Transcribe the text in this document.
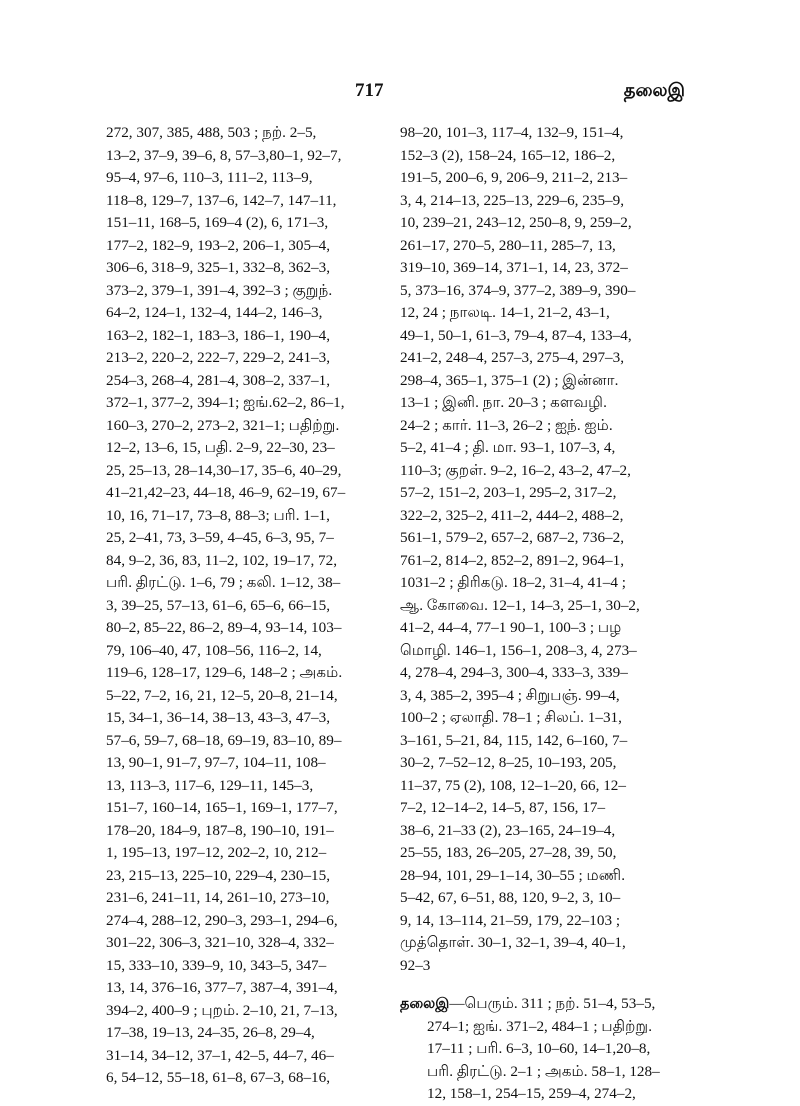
717	தலைஇ
272, 307, 385, 488, 503 ; நற். 2–5,
13–2, 37–9, 39–6, 8, 57–3,80–1, 92–7,
95–4, 97–6, 110–3, 111–2, 113–9,
118–8, 129–7, 137–6, 142–7, 147–11,
151–11, 168–5, 169–4 (2), 6, 171–3,
177–2, 182–9, 193–2, 206–1, 305–4,
306–6, 318–9, 325–1, 332–8, 362–3,
373–2, 379–1, 391–4, 392–3 ; குறுந்.
64–2, 124–1, 132–4, 144–2, 146–3,
163–2, 182–1, 183–3, 186–1, 190–4,
213–2, 220–2, 222–7, 229–2, 241–3,
254–3, 268–4, 281–4, 308–2, 337–1,
372–1, 377–2, 394–1; ஐங்.62–2, 86–1,
160–3, 270–2, 273–2, 321–1; பதிற்று.
12–2, 13–6, 15, பதி. 2–9, 22–30, 23–
25, 25–13, 28–14,30–17, 35–6, 40–29,
41–21,42–23, 44–18, 46–9, 62–19, 67–
10, 16, 71–17, 73–8, 88–3; பரி. 1–1,
25, 2–41, 73, 3–59, 4–45, 6–3, 95, 7–
84, 9–2, 36, 83, 11–2, 102, 19–17, 72,
பரி. திரட்டு. 1–6, 79 ; கலி. 1–12, 38–
3, 39–25, 57–13, 61–6, 65–6, 66–15,
80–2, 85–22, 86–2, 89–4, 93–14, 103–
79, 106–40, 47, 108–56, 116–2, 14,
119–6, 128–17, 129–6, 148–2 ; அகம்.
5–22, 7–2, 16, 21, 12–5, 20–8, 21–14,
15, 34–1, 36–14, 38–13, 43–3, 47–3,
57–6, 59–7, 68–18, 69–19, 83–10, 89–
13, 90–1, 91–7, 97–7, 104–11, 108–
13, 113–3, 117–6, 129–11, 145–3,
151–7, 160–14, 165–1, 169–1, 177–7,
178–20, 184–9, 187–8, 190–10, 191–
1, 195–13, 197–12, 202–2, 10, 212–
23, 215–13, 225–10, 229–4, 230–15,
231–6, 241–11, 14, 261–10, 273–10,
274–4, 288–12, 290–3, 293–1, 294–6,
301–22, 306–3, 321–10, 328–4, 332–
15, 333–10, 339–9, 10, 343–5, 347–
13, 14, 376–16, 377–7, 387–4, 391–4,
394–2, 400–9 ; புறம். 2–10, 21, 7–13,
17–38, 19–13, 24–35, 26–8, 29–4,
31–14, 34–12, 37–1, 42–5, 44–7, 46–
6, 54–12, 55–18, 61–8, 67–3, 68–16,
98–20, 101–3, 117–4, 132–9, 151–4,
152–3 (2), 158–24, 165–12, 186–2,
191–5, 200–6, 9, 206–9, 211–2, 213–
3, 4, 214–13, 225–13, 229–6, 235–9,
10, 239–21, 243–12, 250–8, 9, 259–2,
261–17, 270–5, 280–11, 285–7, 13,
319–10, 369–14, 371–1, 14, 23, 372–
5, 373–16, 374–9, 377–2, 389–9, 390–
12, 24 ; நாலடி. 14–1, 21–2, 43–1,
49–1, 50–1, 61–3, 79–4, 87–4, 133–4,
241–2, 248–4, 257–3, 275–4, 297–3,
298–4, 365–1, 375–1 (2) ; இன்னா.
13–1 ; இனி. நா. 20–3 ; களவழி.
24–2 ; கார். 11–3, 26–2 ; ஐந். ஐம்.
5–2, 41–4 ; தி. மா. 93–1, 107–3, 4,
110–3; குறள். 9–2, 16–2, 43–2, 47–2,
57–2, 151–2, 203–1, 295–2, 317–2,
322–2, 325–2, 411–2, 444–2, 488–2,
561–1, 579–2, 657–2, 687–2, 736–2,
761–2, 814–2, 852–2, 891–2, 964–1,
1031–2 ; திரிகடு. 18–2, 31–4, 41–4 ;
ஆ. கோவை. 12–1, 14–3, 25–1, 30–2,
41–2, 44–4, 77–1 90–1, 100–3 ; பழ
மொழி. 146–1, 156–1, 208–3, 4, 273–
4, 278–4, 294–3, 300–4, 333–3, 339–
3, 4, 385–2, 395–4 ; சிறுபஞ். 99–4,
100–2 ; ஏலாதி. 78–1 ; சிலப். 1–31,
3–161, 5–21, 84, 115, 142, 6–160, 7–
30–2, 7–52–12, 8–25, 10–193, 205,
11–37, 75 (2), 108, 12–1–20, 66, 12–
7–2, 12–14–2, 14–5, 87, 156, 17–
38–6, 21–33 (2), 23–165, 24–19–4,
25–55, 183, 26–205, 27–28, 39, 50,
28–94, 101, 29–1–14, 30–55 ; மணி.
5–42, 67, 6–51, 88, 120, 9–2, 3, 10–
9, 14, 13–114, 21–59, 179, 22–103 ;
முத்தொள். 30–1, 32–1, 39–4, 40–1,
92–3
தலைஇ—பெரும். 311 ; நற். 51–4, 53–5,
274–1; ஐங். 371–2, 484–1 ; பதிற்று.
17–11 ; பரி. 6–3, 10–60, 14–1,20–8,
பரி. திரட்டு. 2–1 ; அகம். 58–1, 128–
12, 158–1, 254–15, 259–4, 274–2,
